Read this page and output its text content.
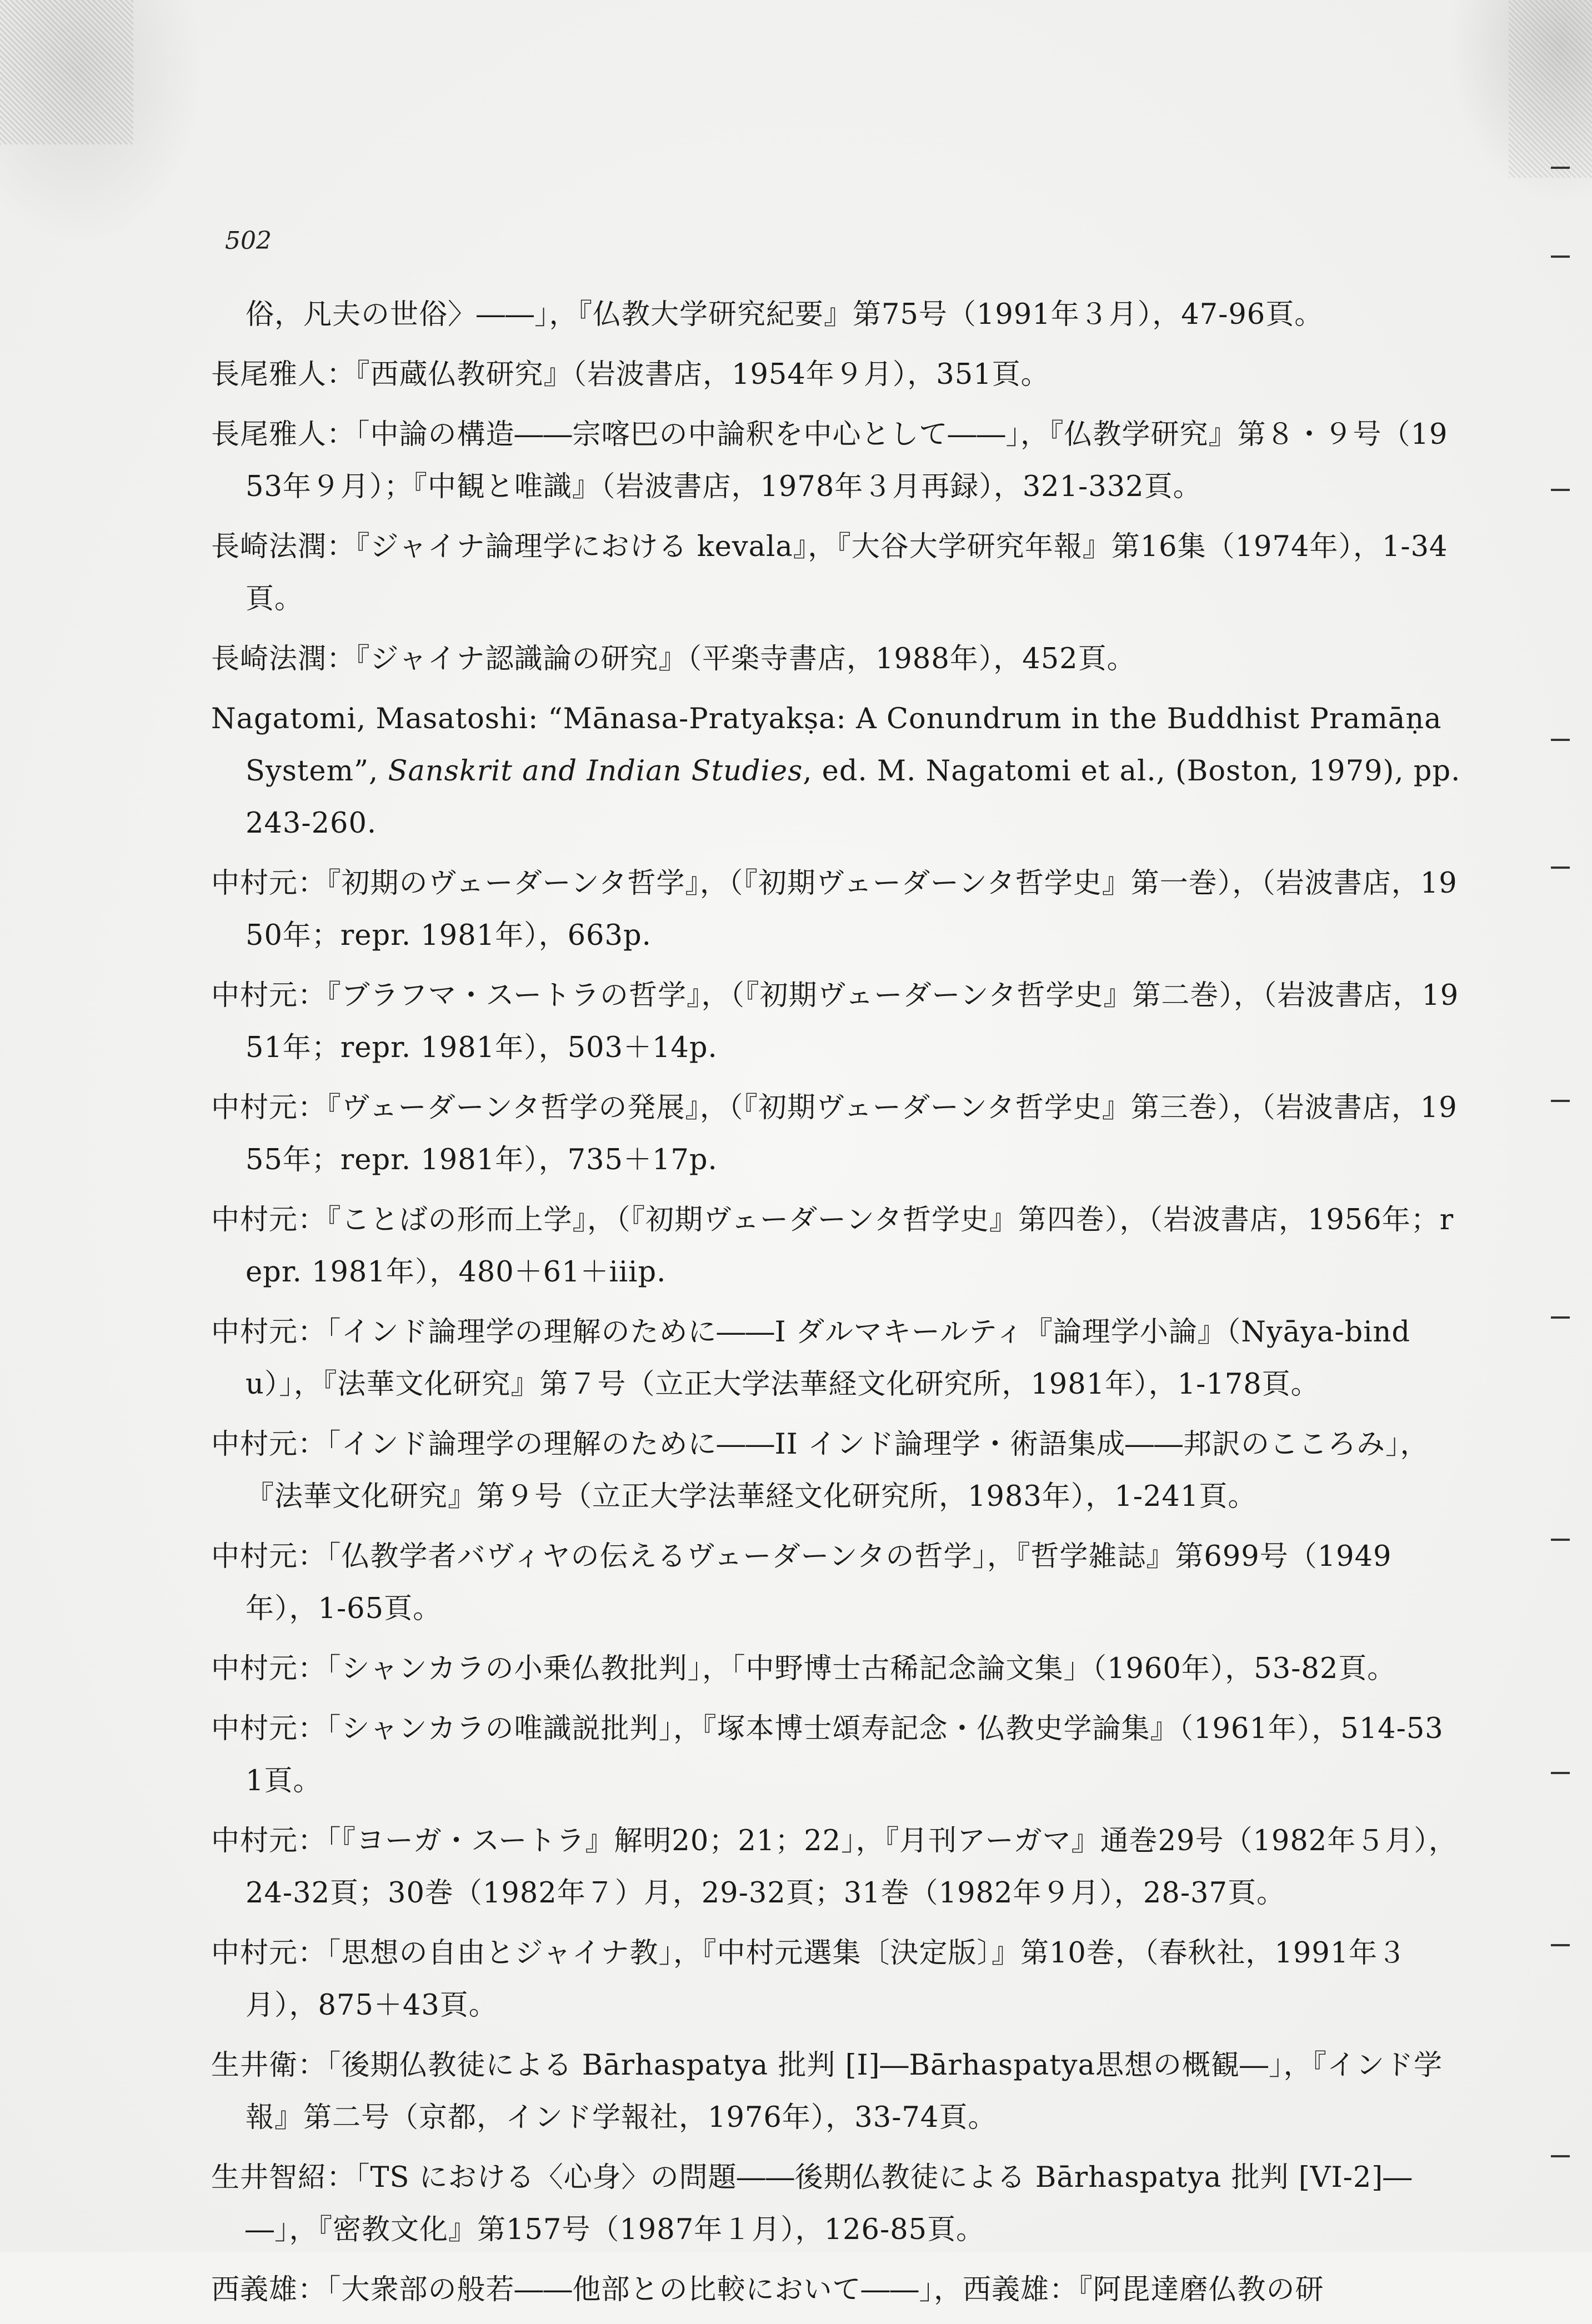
502

俗，凡夫の世俗〉――」，『仏教大学研究紀要』第75号（1991年３月），47-96頁。

長尾雅人：『西蔵仏教研究』（岩波書店，1954年９月），351頁。

長尾雅人：「中論の構造――宗喀巴の中論釈を中心として――」，『仏教学研究』第８・９号（1953年９月）；『中観と唯識』（岩波書店，1978年３月再録），321-332頁。

長崎法潤：『ジャイナ論理学における kevala』，『大谷大学研究年報』第16集（1974年），1-34頁。

長崎法潤：『ジャイナ認識論の研究』（平楽寺書店，1988年），452頁。

Nagatomi, Masatoshi: “Mānasa-Pratyakṣa: A Conundrum in the Buddhist Pramāṇa System”, Sanskrit and Indian Studies, ed. M. Nagatomi et al., (Boston, 1979), pp. 243-260.

中村元：『初期のヴェーダーンタ哲学』，（『初期ヴェーダーンタ哲学史』第一巻），（岩波書店，1950年；repr. 1981年），663p.

中村元：『ブラフマ・スートラの哲学』，（『初期ヴェーダーンタ哲学史』第二巻），（岩波書店，1951年；repr. 1981年），503＋14p.

中村元：『ヴェーダーンタ哲学の発展』，（『初期ヴェーダーンタ哲学史』第三巻），（岩波書店，1955年；repr. 1981年），735＋17p.

中村元：『ことばの形而上学』，（『初期ヴェーダーンタ哲学史』第四巻），（岩波書店，1956年；repr. 1981年），480＋61＋iiip.

中村元：「インド論理学の理解のために――I ダルマキールティ『論理学小論』（Nyāya-bindu）」，『法華文化研究』第７号（立正大学法華経文化研究所，1981年），1-178頁。

中村元：「インド論理学の理解のために――II インド論理学・術語集成――邦訳のこころみ」，『法華文化研究』第９号（立正大学法華経文化研究所，1983年），1-241頁。

中村元：「仏教学者バヴィヤの伝えるヴェーダーンタの哲学」，『哲学雑誌』第699号（1949年），1-65頁。

中村元：「シャンカラの小乗仏教批判」，「中野博士古稀記念論文集」（1960年），53-82頁。

中村元：「シャンカラの唯識説批判」，『塚本博士頌寿記念・仏教史学論集』（1961年），514-531頁。

中村元：「『ヨーガ・スートラ』解明20；21；22」，『月刊アーガマ』通巻29号（1982年５月），24-32頁；30巻（1982年７）月，29-32頁；31巻（1982年９月），28-37頁。

中村元：「思想の自由とジャイナ教」，『中村元選集〔決定版〕』第10巻，（春秋社，1991年３月），875＋43頁。

生井衛：「後期仏教徒による Bārhaspatya 批判 [I]―Bārhaspatya思想の概観―」，『インド学報』第二号（京都，インド学報社，1976年），33-74頁。

生井智紹：「TS における〈心身〉の問題――後期仏教徒による Bārhaspatya 批判 [VI-2]――」，『密教文化』第157号（1987年１月），126-85頁。

西義雄：「大衆部の般若――他部との比較において――」，西義雄：『阿毘達磨仏教の研
